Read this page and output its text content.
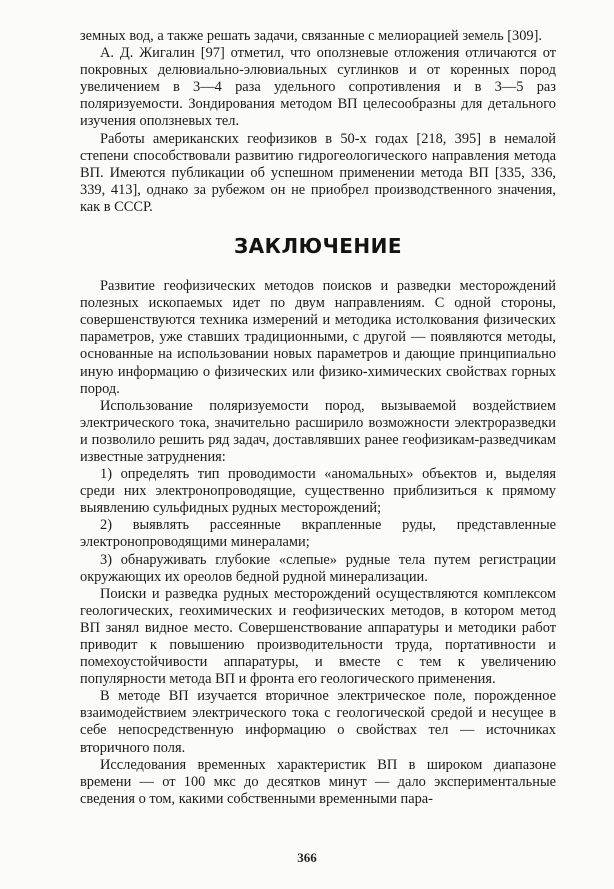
земных вод, а также решать задачи, связанные с мелиорацией земель [309].

А. Д. Жигалин [97] отметил, что оползневые отложения отличаются от покровных делювиально-элювиальных суглинков и от коренных пород увеличением в 3—4 раза удельного сопротивления и в 3—5 раз поляризуемости. Зондирования методом ВП целесообразны для детального изучения оползневых тел.

Работы американских геофизиков в 50-х годах [218, 395] в немалой степени способствовали развитию гидрогеологического направления метода ВП. Имеются публикации об успешном применении метода ВП [335, 336, 339, 413], однако за рубежом он не приобрел производственного значения, как в СССР.

ЗАКЛЮЧЕНИЕ

Развитие геофизических методов поисков и разведки месторождений полезных ископаемых идет по двум направлениям. С одной стороны, совершенствуются техника измерений и методика истолкования физических параметров, уже ставших традиционными, с другой — появляются методы, основанные на использовании новых параметров и дающие принципиально иную информацию о физических или физико-химических свойствах горных пород.

Использование поляризуемости пород, вызываемой воздействием электрического тока, значительно расширило возможности электроразведки и позволило решить ряд задач, доставлявших ранее геофизикам-разведчикам известные затруднения:

1) определять тип проводимости «аномальных» объектов и, выделяя среди них электронопроводящие, существенно приблизиться к прямому выявлению сульфидных рудных месторождений;

2) выявлять рассеянные вкрапленные руды, представленные электронопроводящими минералами;

3) обнаруживать глубокие «слепые» рудные тела путем регистрации окружающих их ореолов бедной рудной минерализации.

Поиски и разведка рудных месторождений осуществляются комплексом геологических, геохимических и геофизических методов, в котором метод ВП занял видное место. Совершенствование аппаратуры и методики работ приводит к повышению производительности труда, портативности и помехоустойчивости аппаратуры, и вместе с тем к увеличению популярности метода ВП и фронта его геологического применения.

В методе ВП изучается вторичное электрическое поле, порожденное взаимодействием электрического тока с геологической средой и несущее в себе непосредственную информацию о свойствах тел — источниках вторичного поля.

Исследования временных характеристик ВП в широком диапазоне времени — от 100 мкс до десятков минут — дало экспериментальные сведения о том, какими собственными временными пара-

366
